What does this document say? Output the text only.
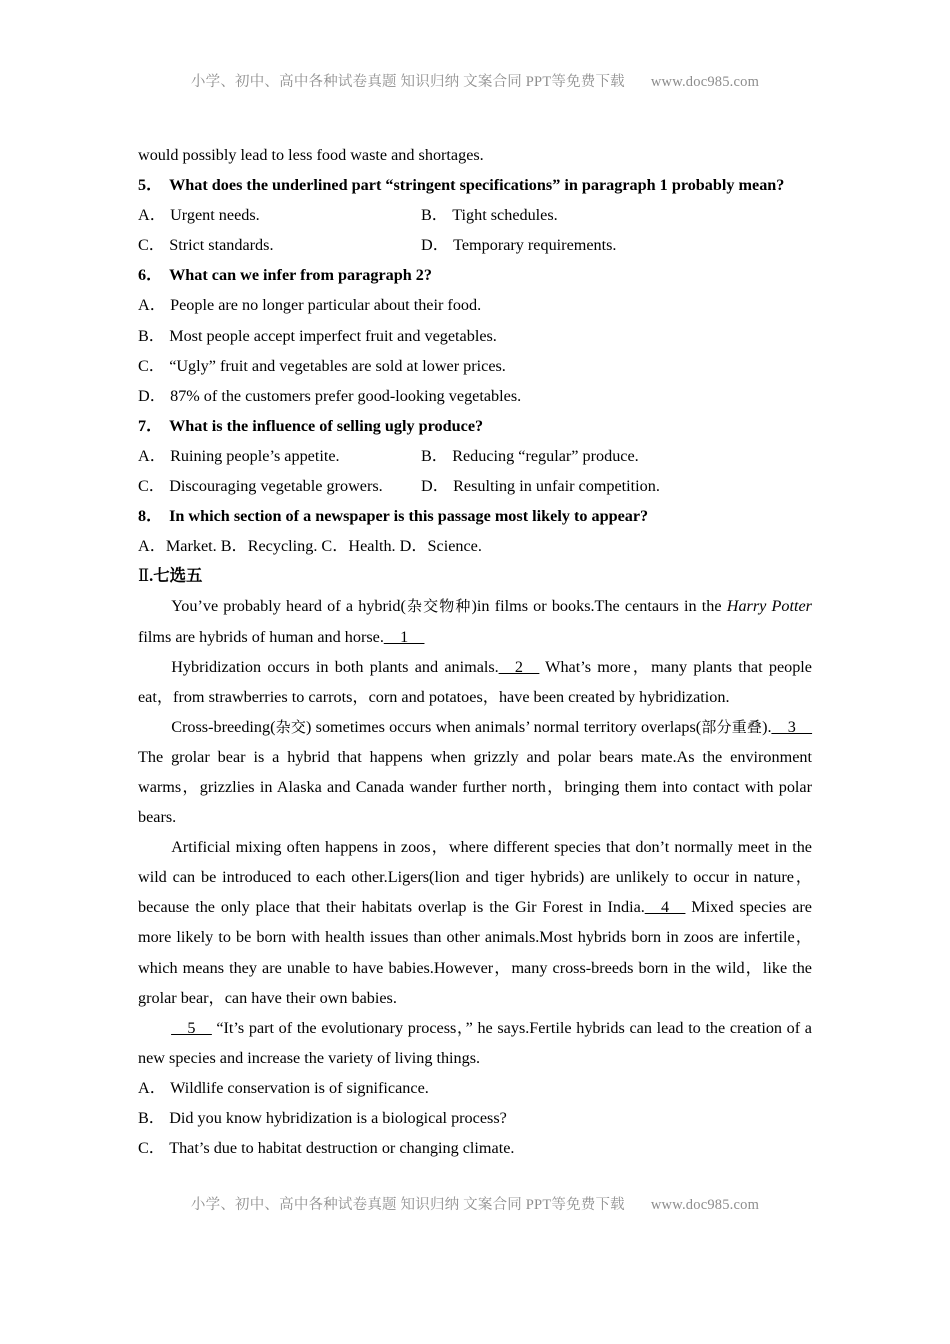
小学、初中、高中各种试卷真题 知识归纳 文案合同 PPT等免费下载 www.doc985.com

would possibly lead to less food waste and shortages.

5． What does the underlined part “stringent specifications” in paragraph 1 probably mean?

A． Urgent needs.	B． Tight schedules.
C． Strict standards.	D． Temporary requirements.

6． What can we infer from paragraph 2?

A． People are no longer particular about their food.

B． Most people accept imperfect fruit and vegetables.

C． “Ugly” fruit and vegetables are sold at lower prices.

D． 87% of the customers prefer good-looking vegetables.

7． What is the influence of selling ugly produce?

A． Ruining people’s appetite.	B． Reducing “regular” produce.
C． Discouraging vegetable growers.	D． Resulting in unfair competition.

8． In which section of a newspaper is this passage most likely to appear?

A．Market. B．Recycling. C．Health. D．Science.

Ⅱ.七选五

You’ve probably heard of a hybrid(杂交物种)in films or books.The centaurs in the Harry Potter films are hybrids of human and horse.__1__

Hybridization occurs in both plants and animals.__2__ What’s more，many plants that people eat，from strawberries to carrots，corn and potatoes，have been created by hybridization.

Cross-breeding(杂交) sometimes occurs when animals’ normal territory overlaps(部分重叠).__3__ The grolar bear is a hybrid that happens when grizzly and polar bears mate.As the environment warms，grizzlies in Alaska and Canada wander further north，bringing them into contact with polar bears.

Artificial mixing often happens in zoos，where different species that don’t normally meet in the wild can be introduced to each other.Ligers(lion and tiger hybrids) are unlikely to occur in nature，because the only place that their habitats overlap is the Gir Forest in India.__4__ Mixed species are more likely to be born with health issues than other animals.Most hybrids born in zoos are infertile，which means they are unable to have babies.However，many cross-breeds born in the wild，like the grolar bear，can have their own babies.

__5__ “It’s part of the evolutionary process，” he says.Fertile hybrids can lead to the creation of a new species and increase the variety of living things.

A． Wildlife conservation is of significance.

B． Did you know hybridization is a biological process?

C． That’s due to habitat destruction or changing climate.

小学、初中、高中各种试卷真题 知识归纳 文案合同 PPT等免费下载 www.doc985.com
